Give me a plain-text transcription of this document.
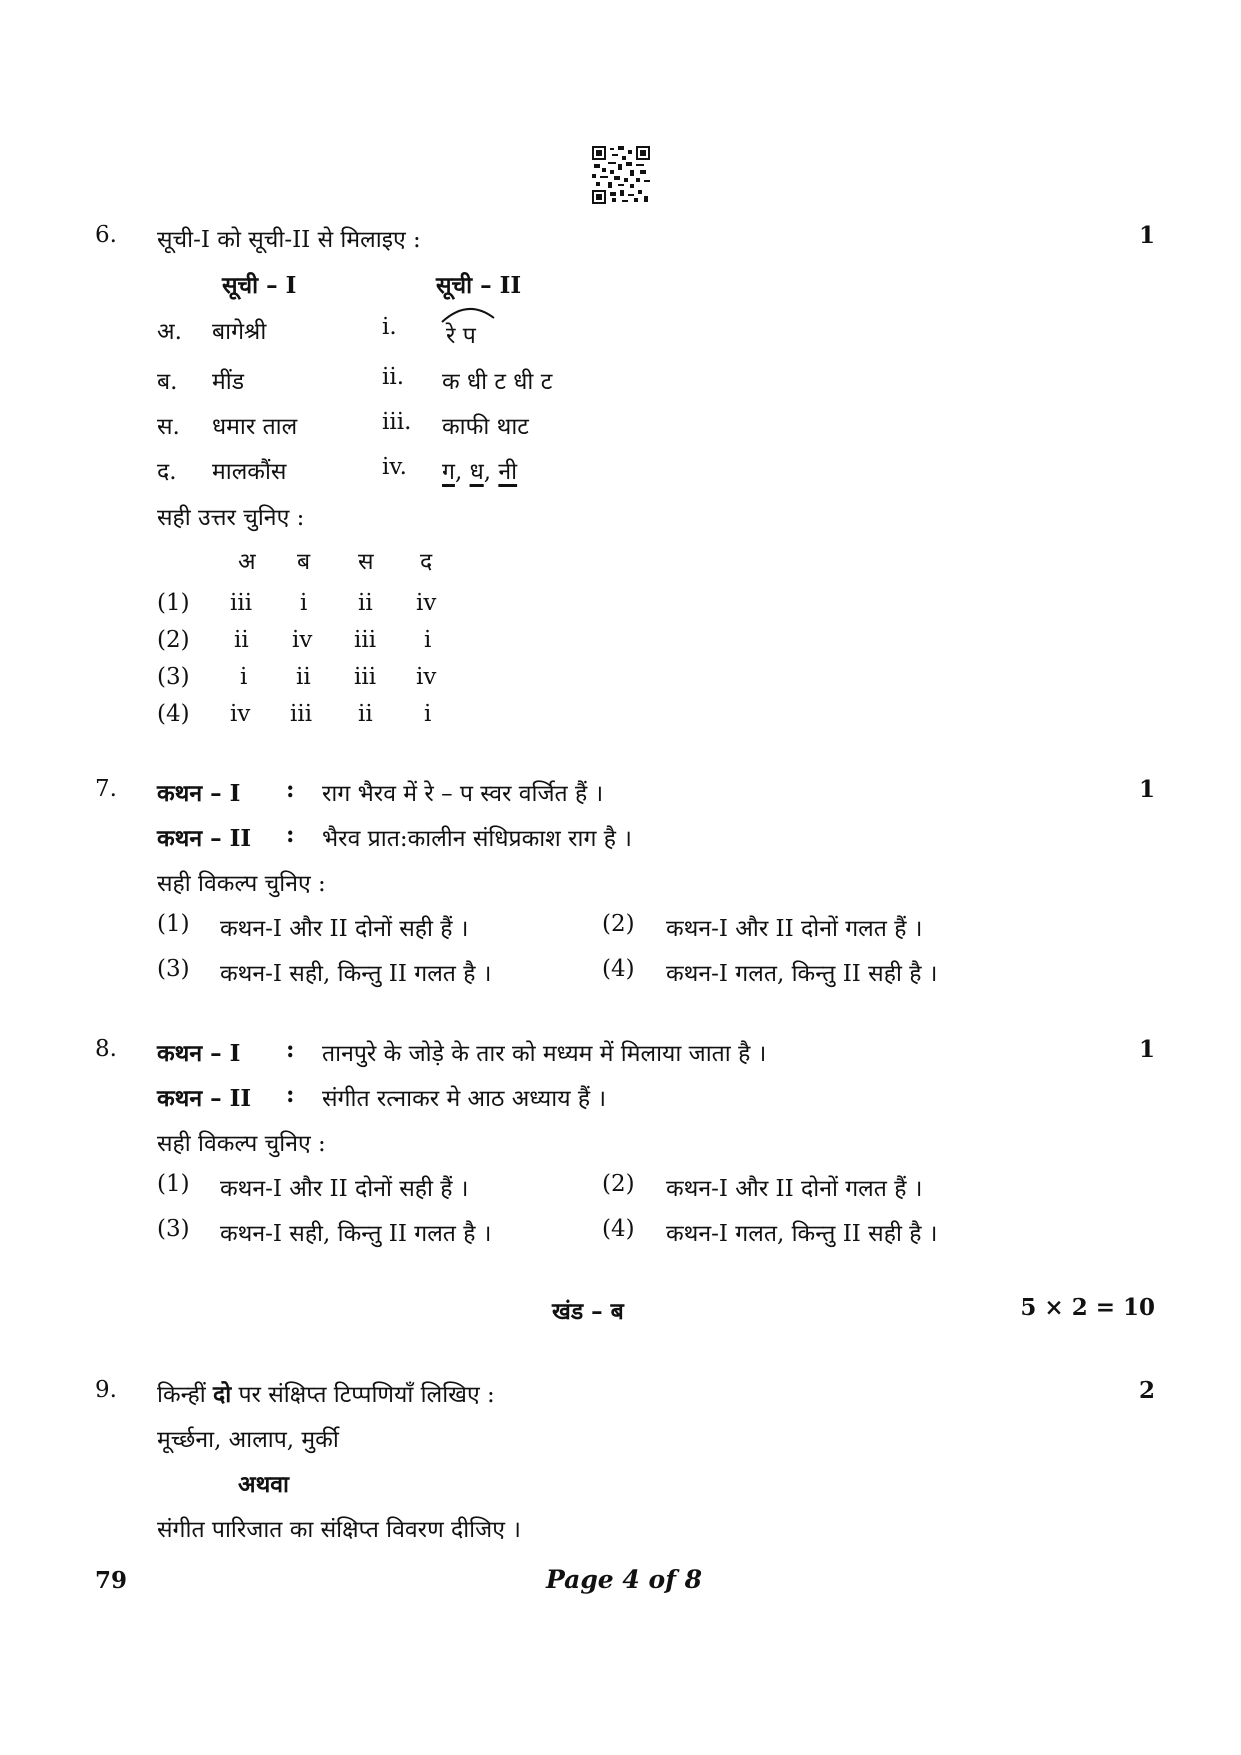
6. सूची-I को सूची-II से मिलाइए :	1
सूची – I	सूची – II
अ. बागेश्री	i. रे प
ब. मींड	ii. क धी ट धी ट
स. धमार ताल	iii. काफी थाट
द. मालकौंस	iv. ग, ध, नी
सही उत्तर चुनिए :
अ ब स द
(1) iii i ii iv
(2) ii iv iii i
(3) i ii iii iv
(4) iv iii ii i
7. कथन – I : राग भैरव में रे – प स्वर वर्जित हैं ।	1
कथन – II : भैरव प्रात:कालीन संधिप्रकाश राग है ।
सही विकल्प चुनिए :
(1) कथन-I और II दोनों सही हैं ।	(2) कथन-I और II दोनों गलत हैं ।
(3) कथन-I सही, किन्तु II गलत है ।	(4) कथन-I गलत, किन्तु II सही है ।
8. कथन – I : तानपुरे के जोड़े के तार को मध्यम में मिलाया जाता है ।	1
कथन – II : संगीत रत्नाकर मे आठ अध्याय हैं ।
सही विकल्प चुनिए :
(1) कथन-I और II दोनों सही हैं ।	(2) कथन-I और II दोनों गलत हैं ।
(3) कथन-I सही, किन्तु II गलत है ।	(4) कथन-I गलत, किन्तु II सही है ।
खंड – ब	5 × 2 = 10
9. किन्हीं दो पर संक्षिप्त टिप्पणियाँ लिखिए :	2
मूर्च्छना, आलाप, मुर्की
अथवा
संगीत पारिजात का संक्षिप्त विवरण दीजिए ।
79	Page 4 of 8
